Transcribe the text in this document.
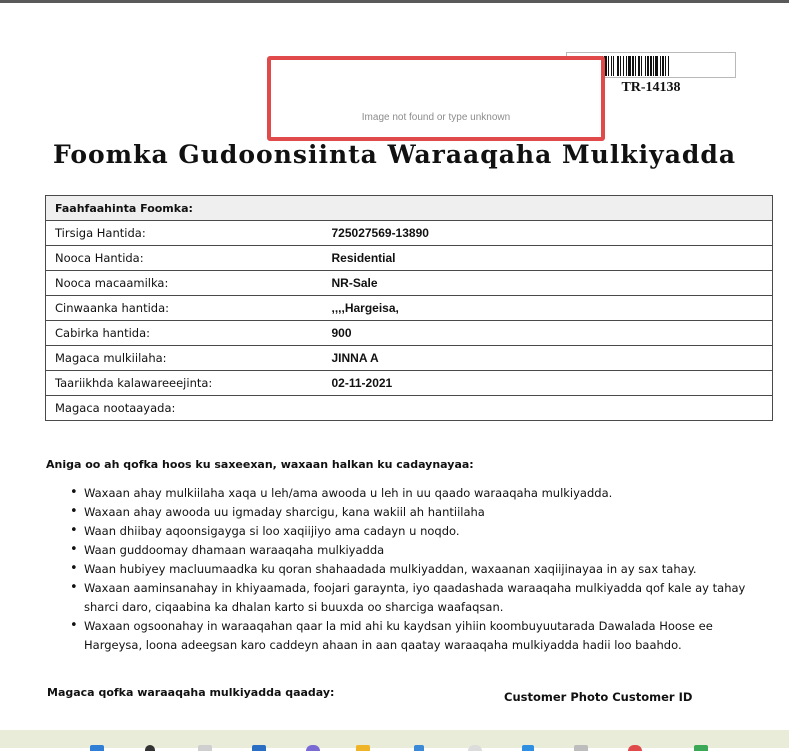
TR-14138
Image not found or type unknown
Foomka Gudoonsiinta Waraaqaha Mulkiyadda
Faahfaahinta Foomka:	
Tirsiga Hantida:	725027569-13890
Nooca Hantida:	Residential
Nooca macaamilka:	NR-Sale
Cinwaanka hantida:	,,,,Hargeisa,
Cabirka hantida:	900
Magaca mulkiilaha:	JINNA A
Taariikhda kalawareeejinta:	02-11-2021
Magaca nootaayada:	
Aniga oo ah qofka hoos ku saxeexan, waxaan halkan ku cadaynayaa:
• Waxaan ahay mulkiilaha xaqa u leh/ama awooda u leh in uu qaado waraaqaha mulkiyadda.
• Waxaan ahay awooda uu igmaday sharcigu, kana wakiil ah hantiilaha
• Waan dhiibay aqoonsigayga si loo xaqiijiyo ama cadayn u noqdo.
• Waan guddoomay dhamaan waraaqaha mulkiyadda
• Waan hubiyey macluumaadka ku qoran shahaadada mulkiyaddan, waxaanan xaqiijinayaa in ay sax tahay.
• Waxaan aaminsanahay in khiyaamada, foojari garaynta, iyo qaadashada waraaqaha mulkiyadda qof kale ay tahay sharci daro, ciqaabina ka dhalan karto si buuxda oo sharciga waafaqsan.
• Waxaan ogsoonahay in waraaqahan qaar la mid ahi ku kaydsan yihiin koombuyuutarada Dawalada Hoose ee Hargeysa, loona adeegsan karo caddeyn ahaan in aan qaatay waraaqaha mulkiyadda hadii loo baahdo.
Magaca qofka waraaqaha mulkiyadda qaaday:	Customer Photo Customer ID
